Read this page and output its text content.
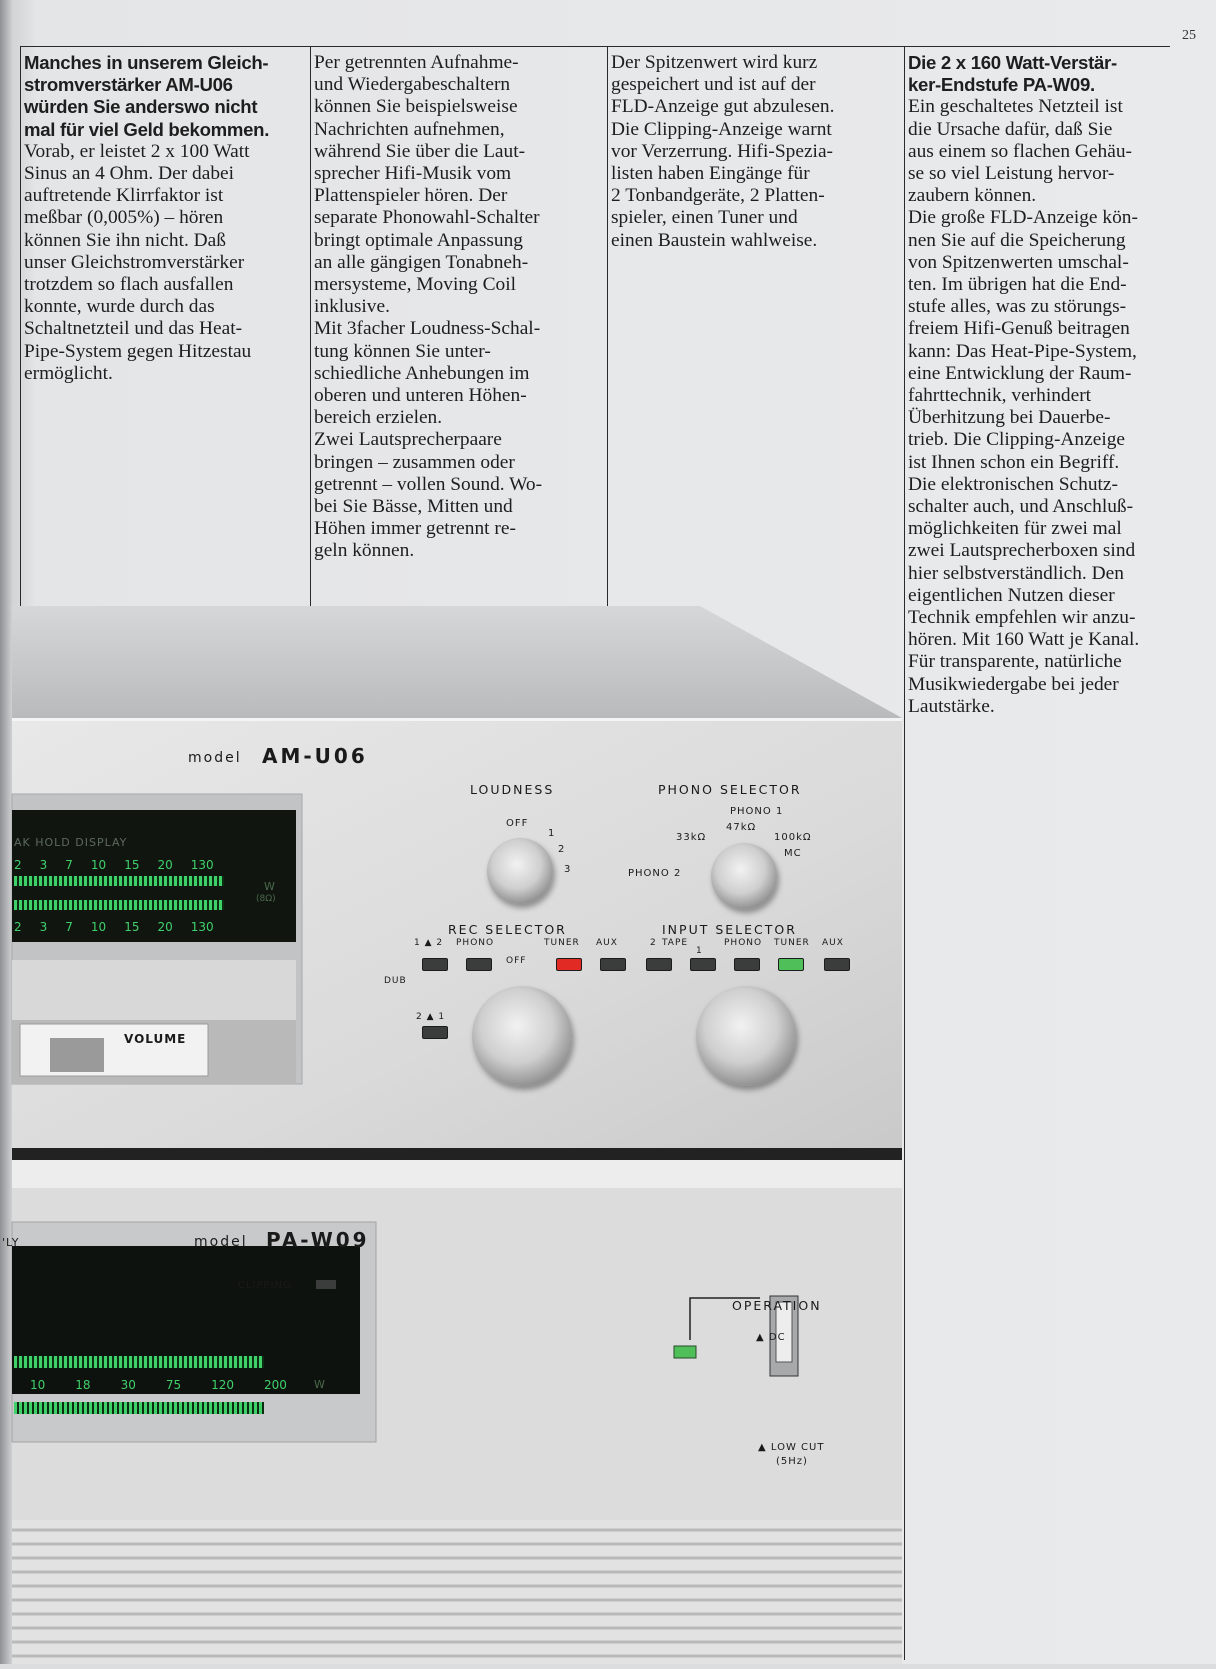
25

Manches in unserem Gleich-

stromverstärker AM-U06

würden Sie anderswo nicht

mal für viel Geld bekommen.

Vorab, er leistet 2 x 100 Watt

Sinus an 4 Ohm. Der dabei

auftretende Klirrfaktor ist

meßbar (0,005%) – hören

können Sie ihn nicht. Daß

unser Gleichstromverstärker

trotzdem so flach ausfallen

konnte, wurde durch das

Schaltnetzteil und das Heat-

Pipe-System gegen Hitzestau

ermöglicht.

Per getrennten Aufnahme-

und Wiedergabeschaltern

können Sie beispielsweise

Nachrichten aufnehmen,

während Sie über die Laut-

sprecher Hifi-Musik vom

Plattenspieler hören. Der

separate Phonowahl-Schalter

bringt optimale Anpassung

an alle gängigen Tonabneh-

mersysteme, Moving Coil

inklusive.

Mit 3facher Loudness-Schal-

tung können Sie unter-

schiedliche Anhebungen im

oberen und unteren Höhen-

bereich erzielen.

Zwei Lautsprecherpaare

bringen – zusammen oder

getrennt – vollen Sound. Wo-

bei Sie Bässe, Mitten und

Höhen immer getrennt re-

geln können.

Der Spitzenwert wird kurz

gespeichert und ist auf der

FLD-Anzeige gut abzulesen.

Die Clipping-Anzeige warnt

vor Verzerrung. Hifi-Spezia-

listen haben Eingänge für

2 Tonbandgeräte, 2 Platten-

spieler, einen Tuner und

einen Baustein wahlweise.

Die 2 x 160 Watt-Verstär-

ker-Endstufe PA-W09.

Ein geschaltetes Netzteil ist

die Ursache dafür, daß Sie

aus einem so flachen Gehäu-

se so viel Leistung hervor-

zaubern können.

Die große FLD-Anzeige kön-

nen Sie auf die Speicherung

von Spitzenwerten umschal-

ten. Im übrigen hat die End-

stufe alles, was zu störungs-

freiem Hifi-Genuß beitragen

kann: Das Heat-Pipe-System,

eine Entwicklung der Raum-

fahrttechnik, verhindert

Überhitzung bei Dauerbe-

trieb. Die Clipping-Anzeige

ist Ihnen schon ein Begriff.

Die elektronischen Schutz-

schalter auch, und Anschluß-

möglichkeiten für zwei mal

zwei Lautsprecherboxen sind

hier selbstverständlich. Den

eigentlichen Nutzen dieser

Technik empfehlen wir anzu-

hören. Mit 160 Watt je Kanal.

Für transparente, natürliche

Musikwiedergabe bei jeder

Lautstärke.

model AM-U06
AK HOLD DISPLAY
2 3 7 10 15 20 130
2 3 7 10 15 20 130
W
(8Ω)
VOLUME
LOUDNESS
OFF
1
2
3
PHONO SELECTOR
PHONO 1
47kΩ
33kΩ	100kΩ
MC
PHONO 2
REC SELECTOR
1 ▲ 2 PHONO	TUNER AUX
OFF
DUB
2 ▲ 1
INPUT SELECTOR
2 TAPE
1
PHONO TUNER AUX
'LY	model PA-W09
CLIPPING
10	18	30	75	120	200 W
OPERATION
▲ DC
▲ LOW CUT
(5Hz)
